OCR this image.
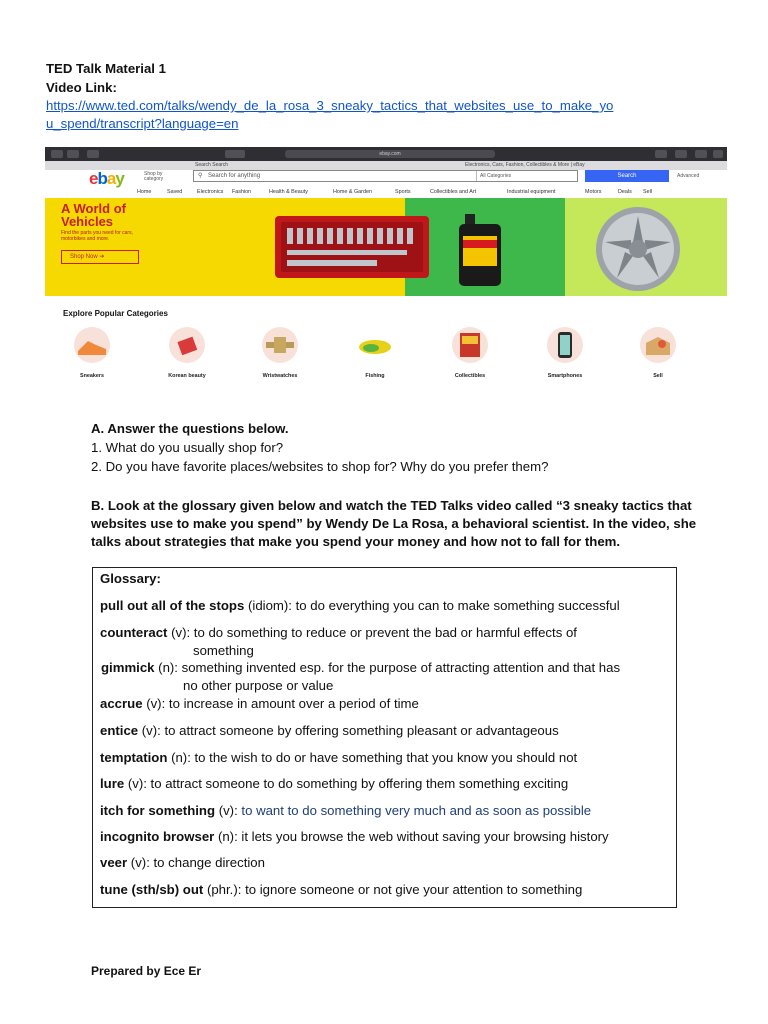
TED Talk Material 1
Video Link:
https://www.ted.com/talks/wendy_de_la_rosa_3_sneaky_tactics_that_websites_use_to_make_yo
u_spend/transcript?language=en
ebay.com
Search Search	Electronics, Cars, Fashion, Collectibles & More | eBay
ebay	Shop by category	⚲ Search for anything	All Categories	Search	Advanced
Home	Saved	Electronics Fashion	Health & Beauty	Home & Garden	Sports	Collectibles and Art	Industrial equipment	Motors	Deals Sell
A World of
Vehicles
Find the parts you need for cars,
motorbikes and more.
Shop Now ➔
Explore Popular Categories
Sneakers	Korean beauty	Wristwatches	Fishing	Collectibles	Smartphones	Sell
A. Answer the questions below.
1. What do you usually shop for?
2. Do you have favorite places/websites to shop for? Why do you prefer them?
B. Look at the glossary given below and watch the TED Talks video called “3 sneaky tactics that
websites use to make you spend” by Wendy De La Rosa, a behavioral scientist. In the video, she
talks about strategies that make you spend your money and how not to fall for them.
Glossary:
pull out all of the stops (idiom): to do everything you can to make something successful
counteract (v): to do something to reduce or prevent the bad or harmful effects of
something
gimmick (n): something invented esp. for the purpose of attracting attention and that has
no other purpose or value
accrue (v): to increase in amount over a period of time
entice (v): to attract someone by offering something pleasant or advantageous
temptation (n): to the wish to do or have something that you know you should not
lure (v): to attract someone to do something by offering them something exciting
itch for something (v): to want to do something very much and as soon as possible
incognito browser (n): it lets you browse the web without saving your browsing history
veer (v): to change direction
tune (sth/sb) out (phr.): to ignore someone or not give your attention to something
Prepared by Ece Er
